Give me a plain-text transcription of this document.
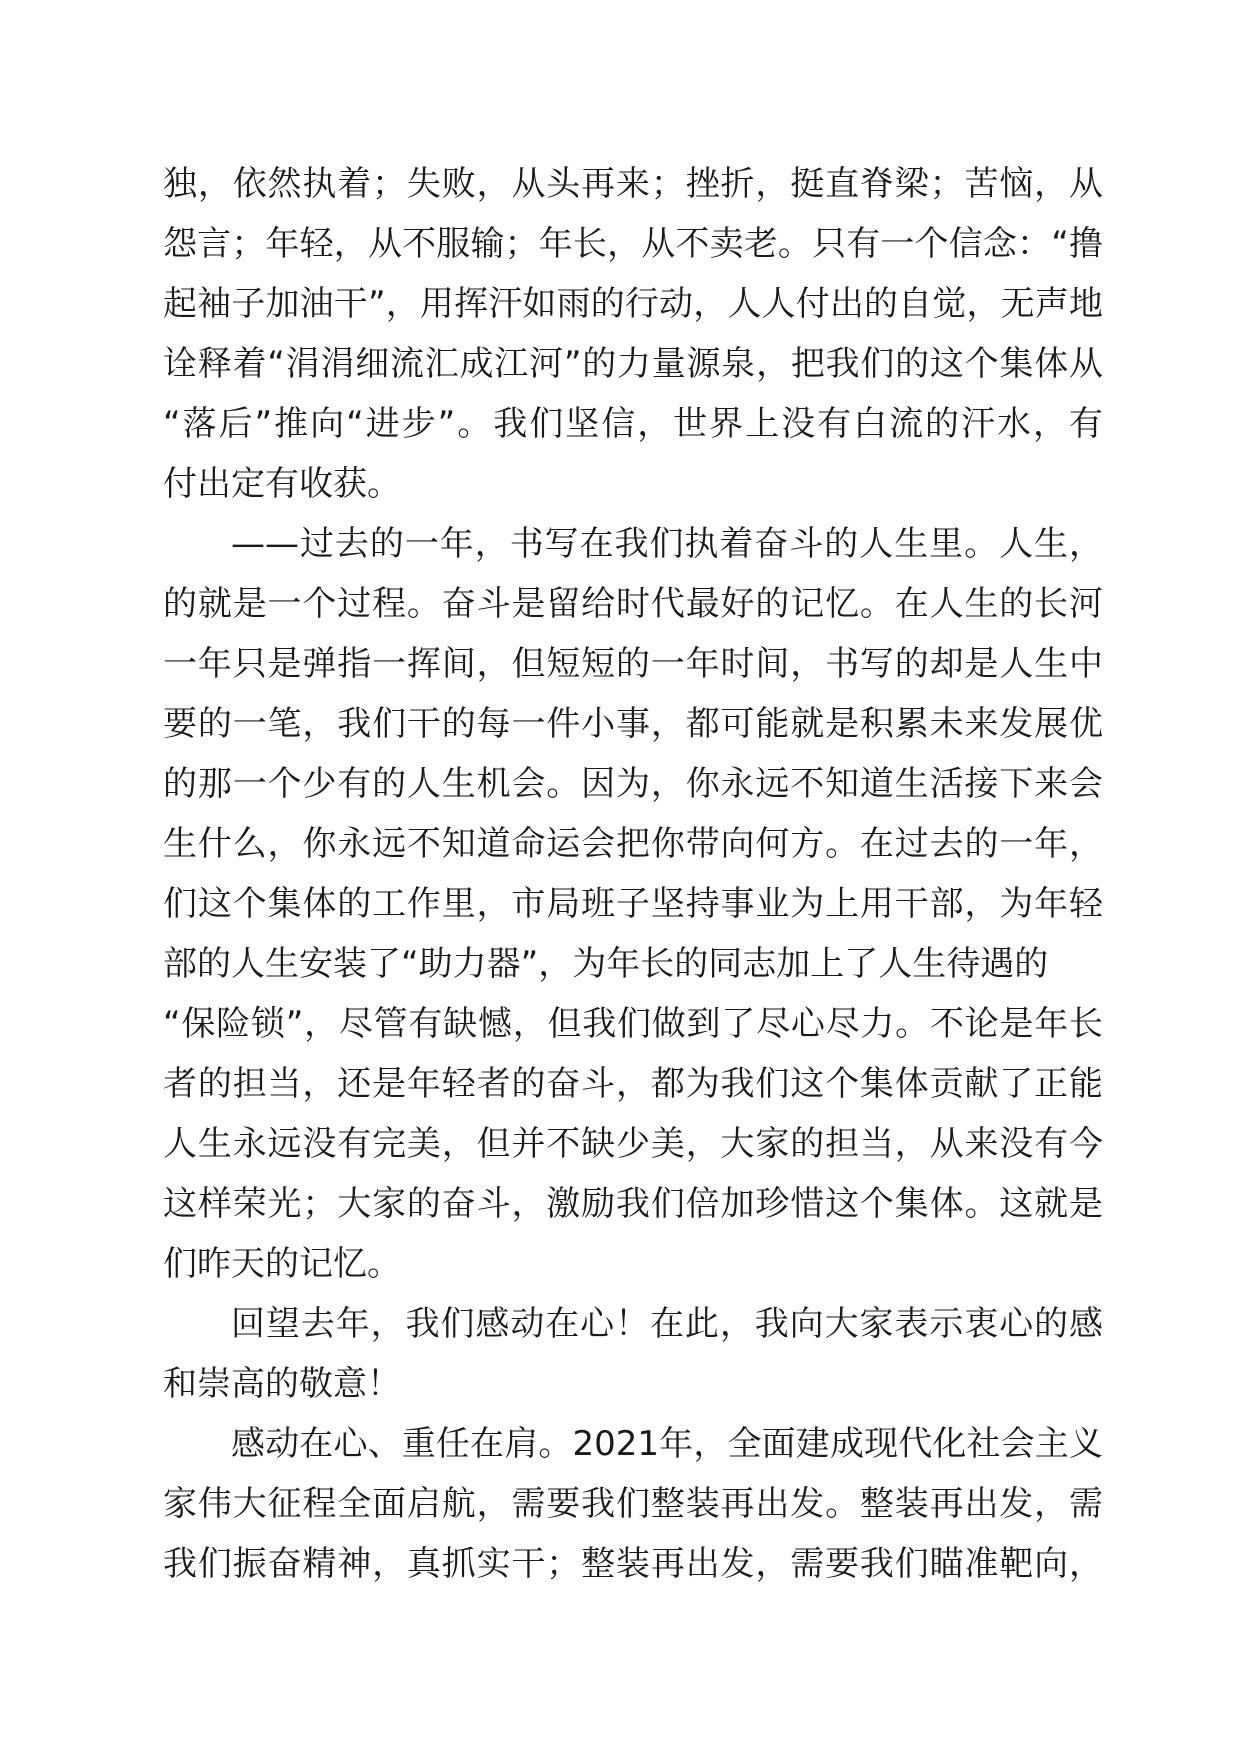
独，依然执着；失败，从头再来；挫折，挺直脊梁；苦恼，从
怨言；年轻，从不服输；年长，从不卖老。只有一个信念：“撸
起袖子加油干”，用挥汗如雨的行动，人人付出的自觉，无声地
诠释着“涓涓细流汇成江河”的力量源泉，把我们的这个集体从
“落后”推向“进步”。我们坚信，世界上没有白流的汗水，有
付出定有收获。
——过去的一年，书写在我们执着奋斗的人生里。人生，
的就是一个过程。奋斗是留给时代最好的记忆。在人生的长河
一年只是弹指一挥间，但短短的一年时间，书写的却是人生中
要的一笔，我们干的每一件小事，都可能就是积累未来发展优
的那一个少有的人生机会。因为，你永远不知道生活接下来会
生什么，你永远不知道命运会把你带向何方。在过去的一年，
们这个集体的工作里，市局班子坚持事业为上用干部，为年轻
部的人生安装了“助力器”，为年长的同志加上了人生待遇的
“保险锁”，尽管有缺憾，但我们做到了尽心尽力。不论是年长
者的担当，还是年轻者的奋斗，都为我们这个集体贡献了正能
人生永远没有完美，但并不缺少美，大家的担当，从来没有今
这样荣光；大家的奋斗，激励我们倍加珍惜这个集体。这就是
们昨天的记忆。
回望去年，我们感动在心！在此，我向大家表示衷心的感
和崇高的敬意！
感动在心、重任在肩。2021年，全面建成现代化社会主义
家伟大征程全面启航，需要我们整装再出发。整装再出发，需
我们振奋精神，真抓实干；整装再出发，需要我们瞄准靶向，
